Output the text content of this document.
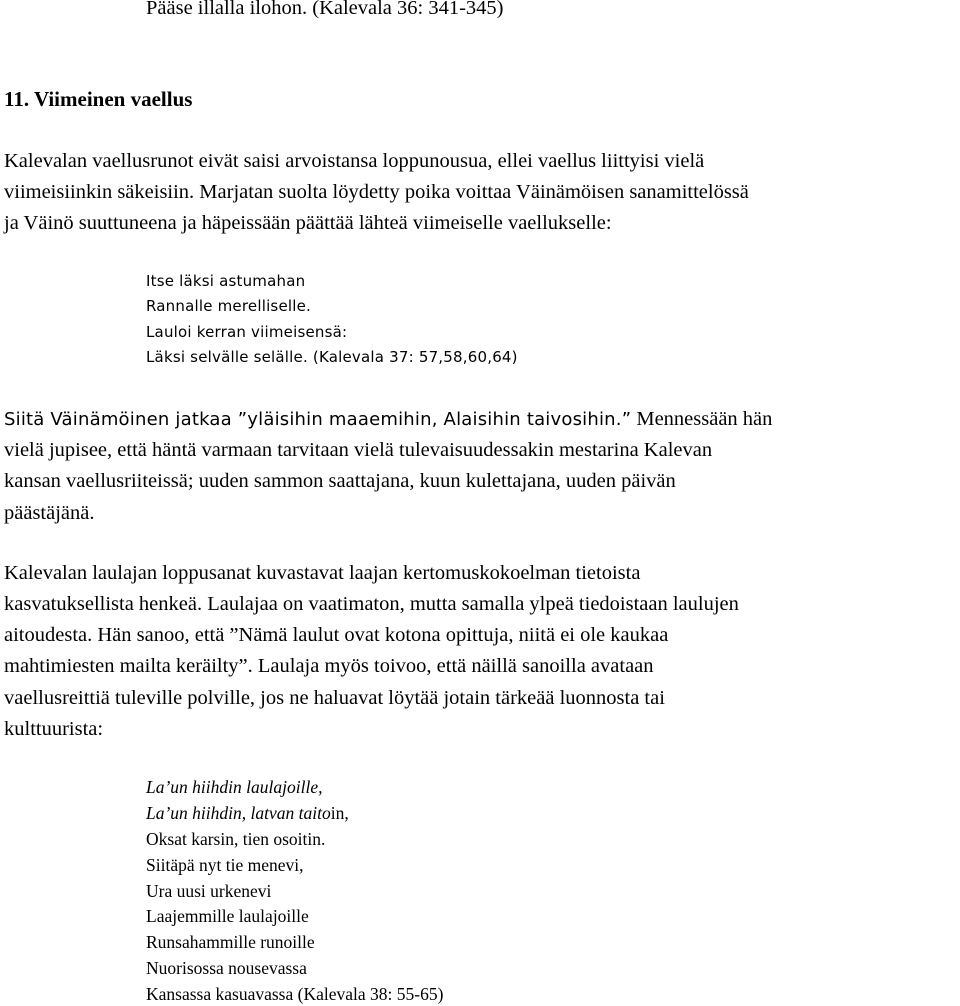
Pääse illalla ilohon. (Kalevala 36: 341-345)
11. Viimeinen vaellus
Kalevalan vaellusrunot eivät saisi arvoistansa loppunousua, ellei vaellus liittyisi vielä
viimeisiinkin säkeisiin. Marjatan suolta löydetty poika voittaa Väinämöisen sanamittelössä
ja Väinö suuttuneena ja häpeissään päättää lähteä viimeiselle vaellukselle:
Itse läksi astumahan
Rannalle merelliselle.
Lauloi kerran viimeisensä:
Läksi selvälle selälle. (Kalevala 37: 57,58,60,64)
Siitä Väinämöinen jatkaa ”yläisihin maaemihin, Alaisihin taivosihin.” Mennessään hän
vielä jupisee, että häntä varmaan tarvitaan vielä tulevaisuudessakin mestarina Kalevan
kansan vaellusriiteissä; uuden sammon saattajana, kuun kulettajana, uuden päivän
päästäjänä.
Kalevalan laulajan loppusanat kuvastavat laajan kertomuskokoelman tietoista
kasvatuksellista henkeä. Laulajaa on vaatimaton, mutta samalla ylpeä tiedoistaan laulujen
aitoudesta. Hän sanoo, että ”Nämä laulut ovat kotona opittuja, niitä ei ole kaukaa
mahtimiesten mailta keräilty”. Laulaja myös toivoo, että näillä sanoilla avataan
vaellusreittiä tuleville polville, jos ne haluavat löytää jotain tärkeää luonnosta tai
kulttuurista:
La’un hiihdin laulajoille,
La’un hiihdin, latvan taitoin,
Oksat karsin, tien osoitin.
Siitäpä nyt tie menevi,
Ura uusi urkenevi
Laajemmille laulajoille
Runsahammille runoille
Nuorisossa nousevassa
Kansassa kasuavassa (Kalevala 38: 55-65)
